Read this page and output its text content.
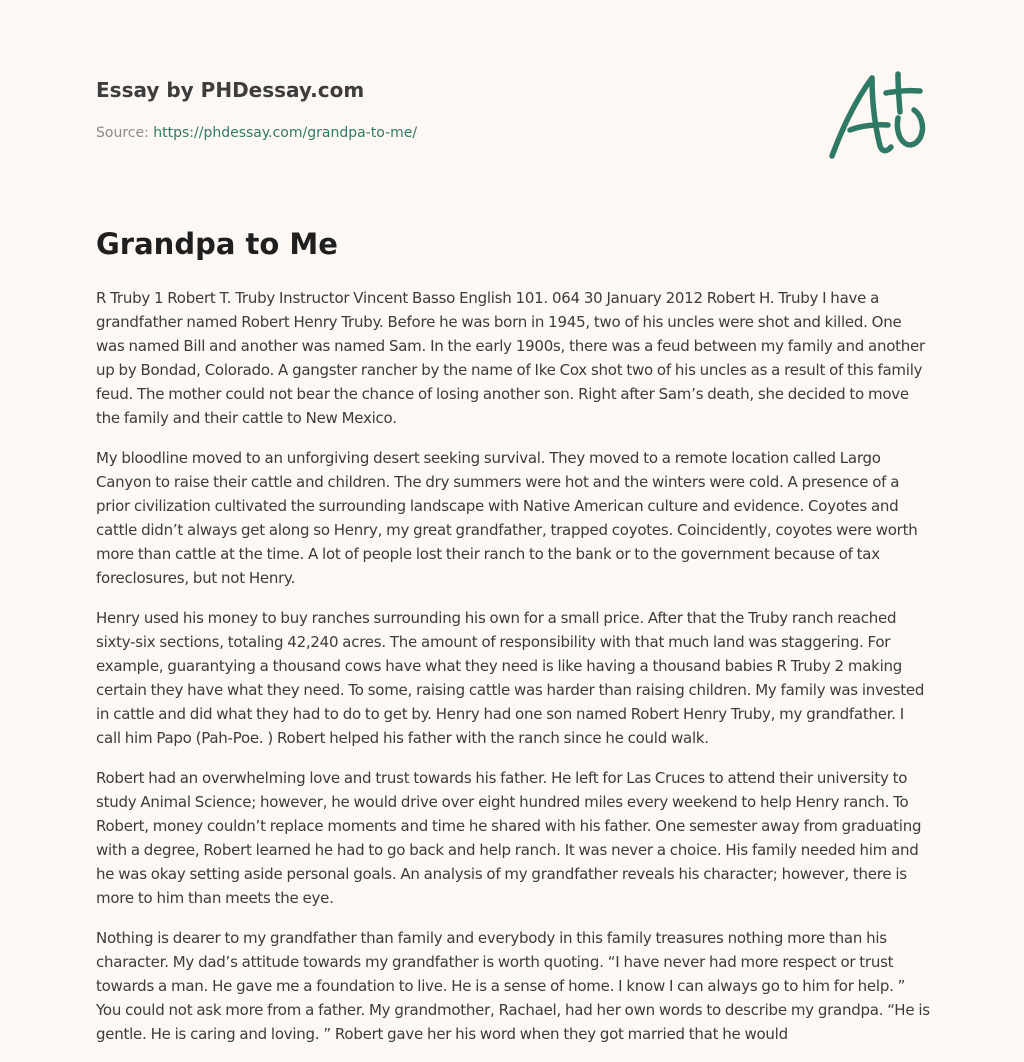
Essay by PHDessay.com
Source: https://phdessay.com/grandpa-to-me/
Grandpa to Me

R Truby 1 Robert T. Truby Instructor Vincent Basso English 101. 064 30 January 2012 Robert H. Truby I have a grandfather named Robert Henry Truby. Before he was born in 1945, two of his uncles were shot and killed. One was named Bill and another was named Sam. In the early 1900s, there was a feud between my family and another up by Bondad, Colorado. A gangster rancher by the name of Ike Cox shot two of his uncles as a result of this family feud. The mother could not bear the chance of losing another son. Right after Sam’s death, she decided to move the family and their cattle to New Mexico.

My bloodline moved to an unforgiving desert seeking survival. They moved to a remote location called Largo Canyon to raise their cattle and children. The dry summers were hot and the winters were cold. A presence of a prior civilization cultivated the surrounding landscape with Native American culture and evidence. Coyotes and cattle didn’t always get along so Henry, my great grandfather, trapped coyotes. Coincidently, coyotes were worth more than cattle at the time. A lot of people lost their ranch to the bank or to the government because of tax foreclosures, but not Henry.

Henry used his money to buy ranches surrounding his own for a small price. After that the Truby ranch reached sixty-six sections, totaling 42,240 acres. The amount of responsibility with that much land was staggering. For example, guarantying a thousand cows have what they need is like having a thousand babies R Truby 2 making certain they have what they need. To some, raising cattle was harder than raising children. My family was invested in cattle and did what they had to do to get by. Henry had one son named Robert Henry Truby, my grandfather. I call him Papo (Pah-Poe. ) Robert helped his father with the ranch since he could walk.

Robert had an overwhelming love and trust towards his father. He left for Las Cruces to attend their university to study Animal Science; however, he would drive over eight hundred miles every weekend to help Henry ranch. To Robert, money couldn’t replace moments and time he shared with his father. One semester away from graduating with a degree, Robert learned he had to go back and help ranch. It was never a choice. His family needed him and he was okay setting aside personal goals. An analysis of my grandfather reveals his character; however, there is more to him than meets the eye.

Nothing is dearer to my grandfather than family and everybody in this family treasures nothing more than his character. My dad’s attitude towards my grandfather is worth quoting. “I have never had more respect or trust towards a man. He gave me a foundation to live. He is a sense of home. I know I can always go to him for help. ” You could not ask more from a father. My grandmother, Rachael, had her own words to describe my grandpa. “He is gentle. He is caring and loving. ” Robert gave her his word when they got married that he would
